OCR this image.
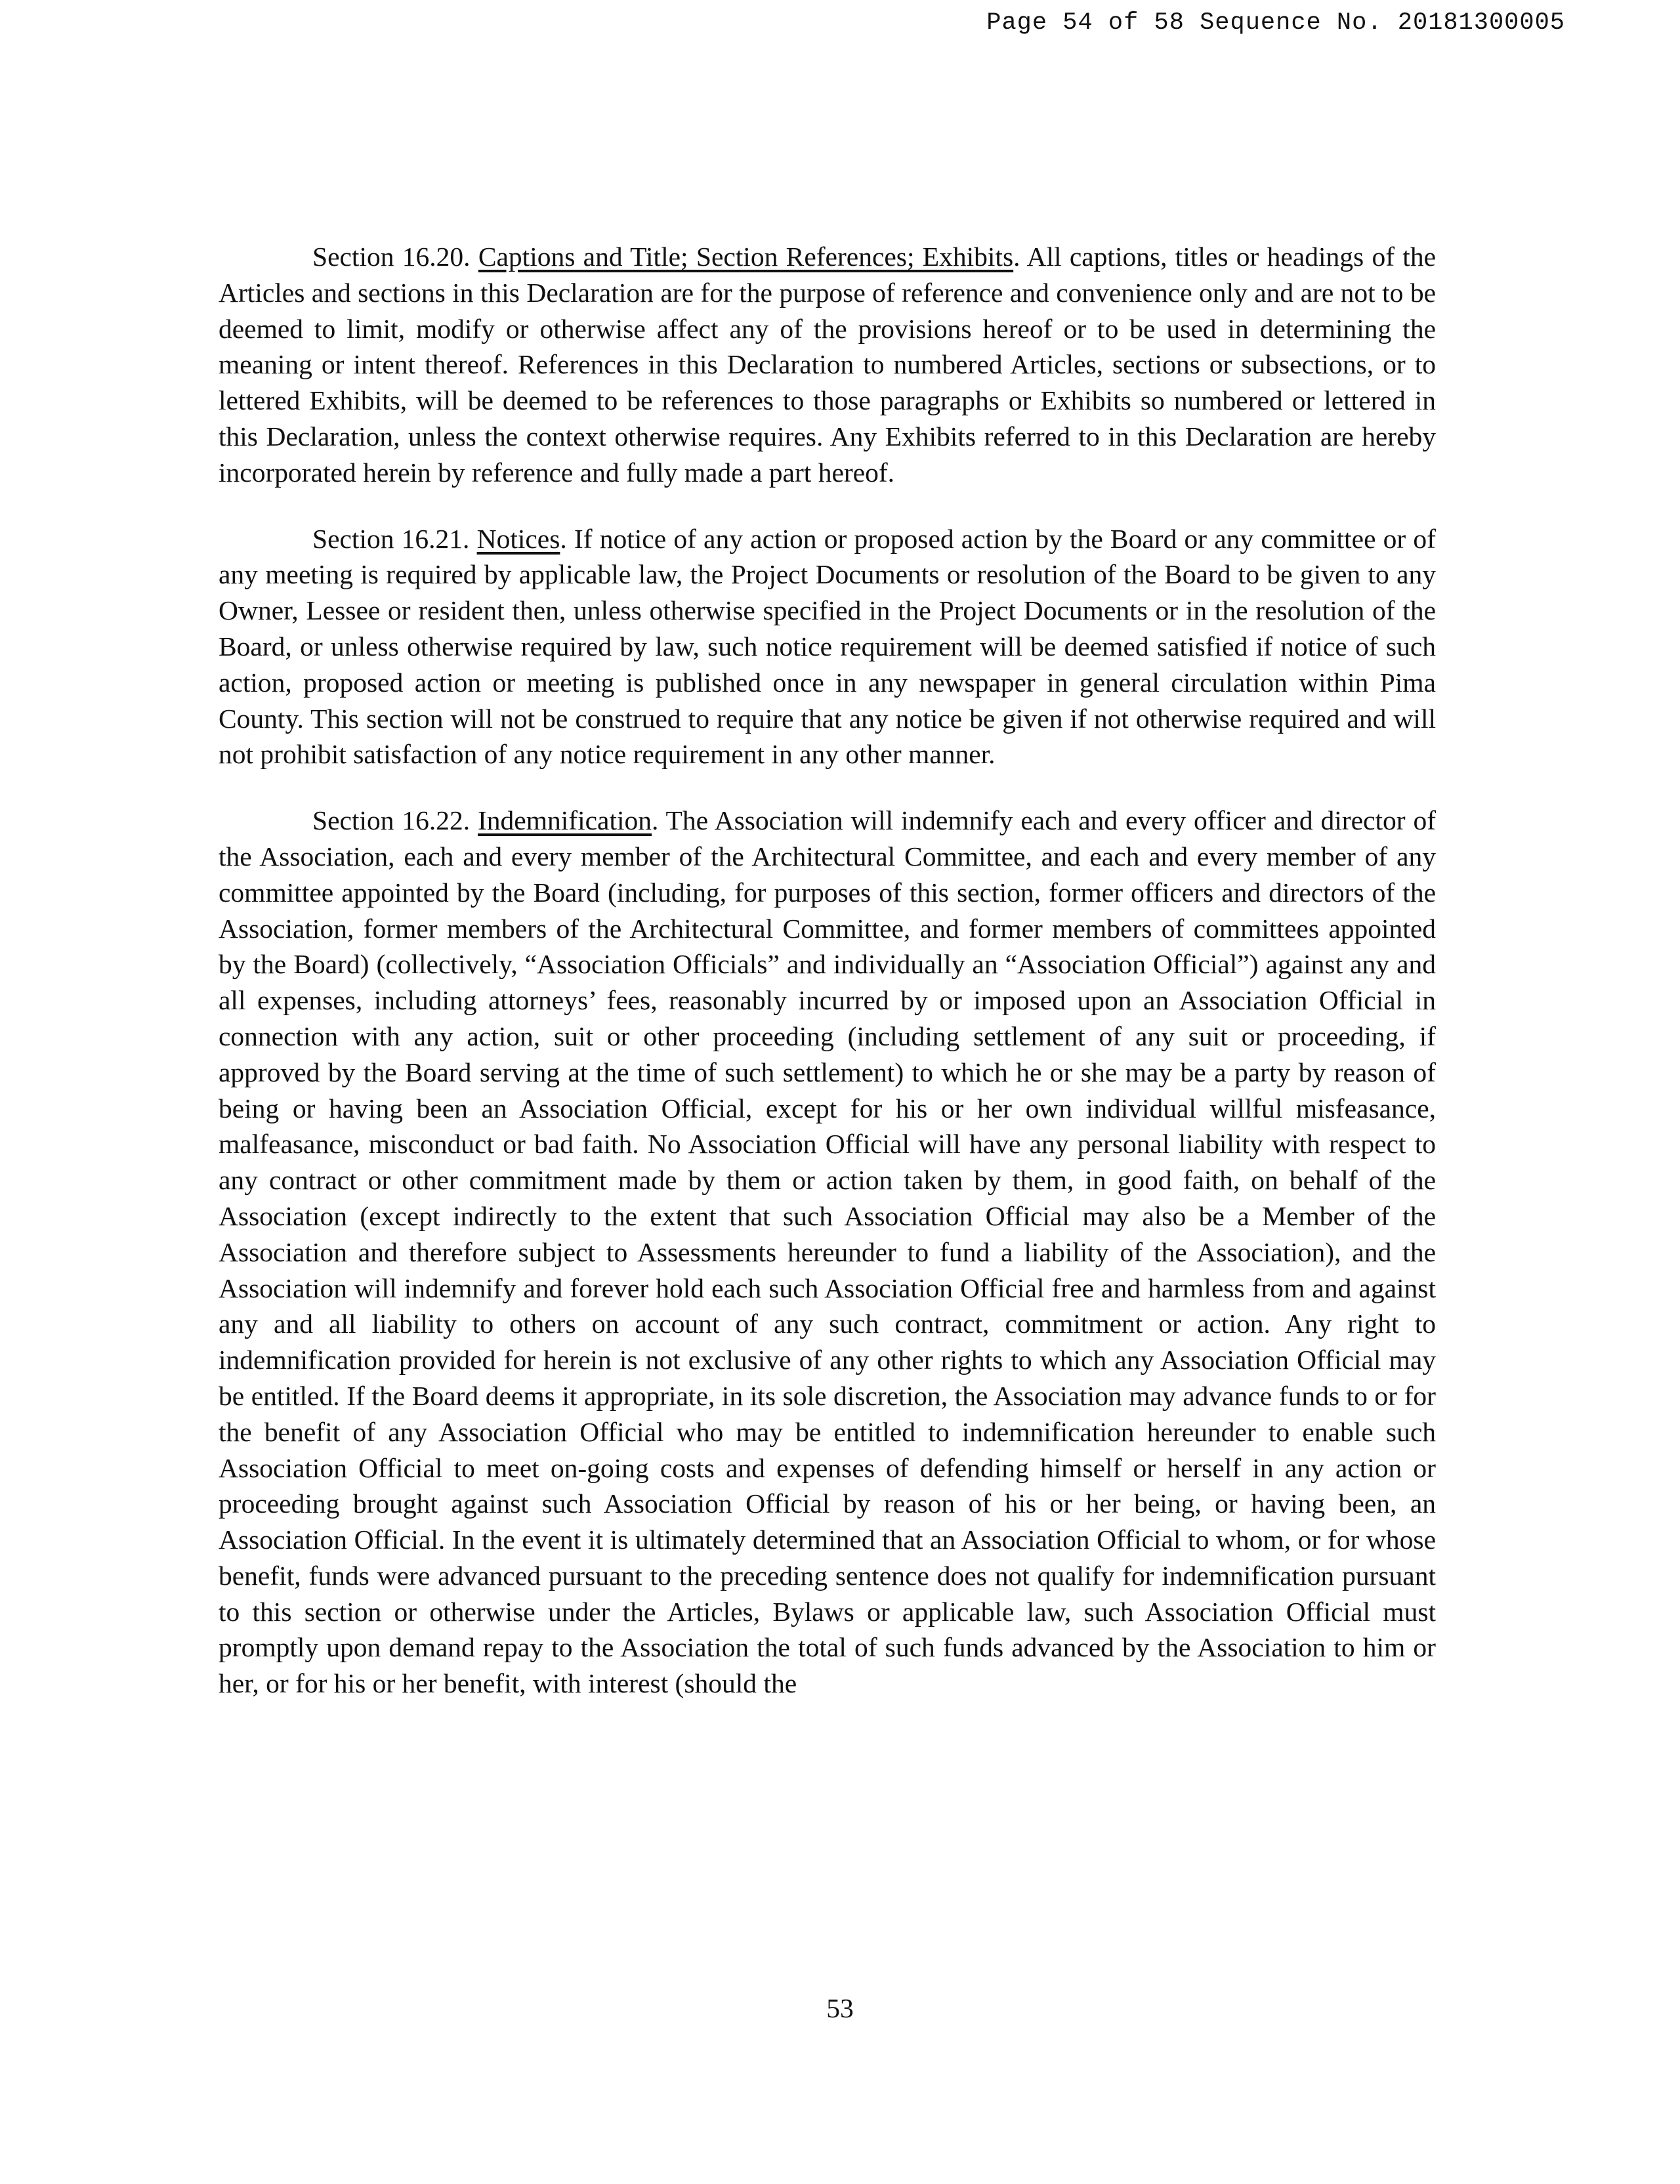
Page 54 of 58 Sequence No. 20181300005

Section 16.20. Captions and Title; Section References; Exhibits. All captions, titles or headings of the Articles and sections in this Declaration are for the purpose of reference and convenience only and are not to be deemed to limit, modify or otherwise affect any of the provisions hereof or to be used in determining the meaning or intent thereof. References in this Declaration to numbered Articles, sections or subsections, or to lettered Exhibits, will be deemed to be references to those paragraphs or Exhibits so numbered or lettered in this Declaration, unless the context otherwise requires. Any Exhibits referred to in this Declaration are hereby incorporated herein by reference and fully made a part hereof.

Section 16.21. Notices. If notice of any action or proposed action by the Board or any committee or of any meeting is required by applicable law, the Project Documents or resolution of the Board to be given to any Owner, Lessee or resident then, unless otherwise specified in the Project Documents or in the resolution of the Board, or unless otherwise required by law, such notice requirement will be deemed satisfied if notice of such action, proposed action or meeting is published once in any newspaper in general circulation within Pima County. This section will not be construed to require that any notice be given if not otherwise required and will not prohibit satisfaction of any notice requirement in any other manner.

Section 16.22. Indemnification. The Association will indemnify each and every officer and director of the Association, each and every member of the Architectural Committee, and each and every member of any committee appointed by the Board (including, for purposes of this section, former officers and directors of the Association, former members of the Architectural Committee, and former members of committees appointed by the Board) (collectively, “Association Officials” and individually an “Association Official”) against any and all expenses, including attorneys’ fees, reasonably incurred by or imposed upon an Association Official in connection with any action, suit or other proceeding (including settlement of any suit or proceeding, if approved by the Board serving at the time of such settlement) to which he or she may be a party by reason of being or having been an Association Official, except for his or her own individual willful misfeasance, malfeasance, misconduct or bad faith. No Association Official will have any personal liability with respect to any contract or other commitment made by them or action taken by them, in good faith, on behalf of the Association (except indirectly to the extent that such Association Official may also be a Member of the Association and therefore subject to Assessments hereunder to fund a liability of the Association), and the Association will indemnify and forever hold each such Association Official free and harmless from and against any and all liability to others on account of any such contract, commitment or action. Any right to indemnification provided for herein is not exclusive of any other rights to which any Association Official may be entitled. If the Board deems it appropriate, in its sole discretion, the Association may advance funds to or for the benefit of any Association Official who may be entitled to indemnification hereunder to enable such Association Official to meet on-going costs and expenses of defending himself or herself in any action or proceeding brought against such Association Official by reason of his or her being, or having been, an Association Official. In the event it is ultimately determined that an Association Official to whom, or for whose benefit, funds were advanced pursuant to the preceding sentence does not qualify for indemnification pursuant to this section or otherwise under the Articles, Bylaws or applicable law, such Association Official must promptly upon demand repay to the Association the total of such funds advanced by the Association to him or her, or for his or her benefit, with interest (should the

53
